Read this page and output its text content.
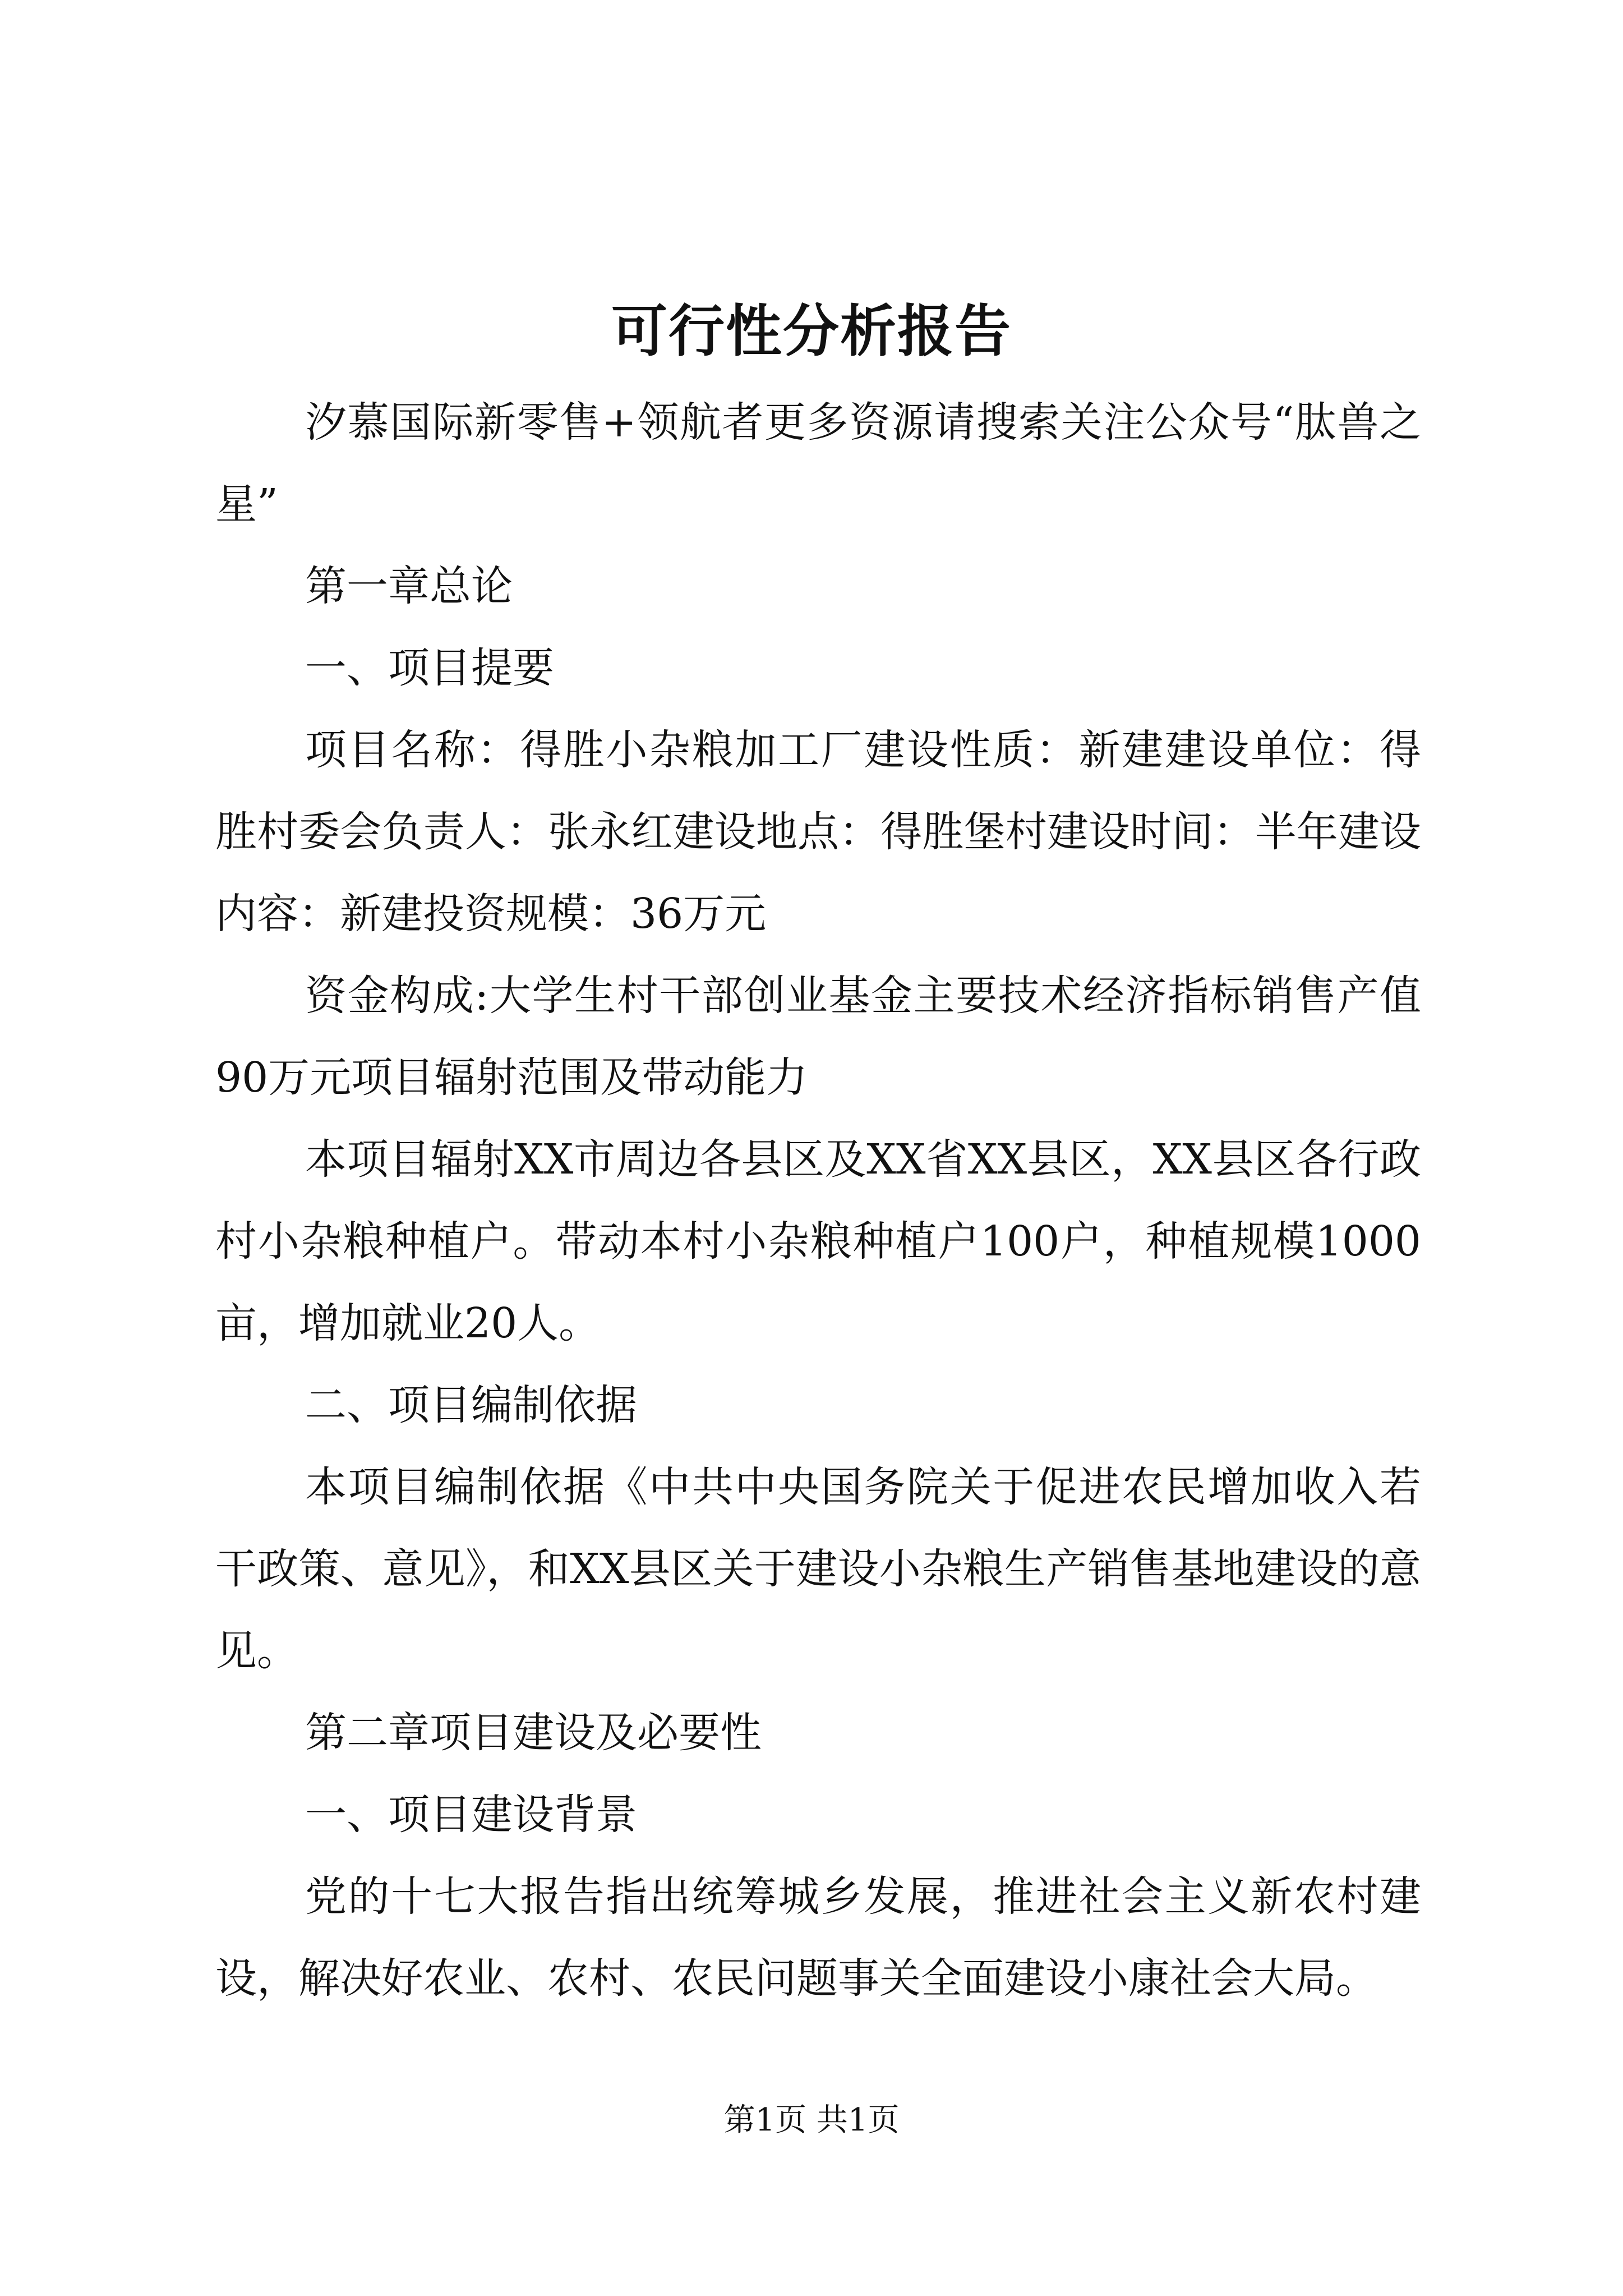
可行性分析报告

汐慕国际新零售+领航者更多资源请搜索关注公众号“肽兽之星”

第一章总论

一、项目提要

项目名称：得胜小杂粮加工厂建设性质：新建建设单位：得胜村委会负责人：张永红建设地点：得胜堡村建设时间：半年建设内容：新建投资规模：36万元

资金构成:大学生村干部创业基金主要技术经济指标销售产值90万元项目辐射范围及带动能力

本项目辐射XX市周边各县区及XX省XX县区，XX县区各行政村小杂粮种植户。带动本村小杂粮种植户100户，种植规模1000亩，增加就业20人。

二、项目编制依据

本项目编制依据《中共中央国务院关于促进农民增加收入若干政策、意见》，和XX县区关于建设小杂粮生产销售基地建设的意见。

第二章项目建设及必要性

一、项目建设背景

党的十七大报告指出统筹城乡发展，推进社会主义新农村建设，解决好农业、农村、农民问题事关全面建设小康社会大局。

第1页 共1页
